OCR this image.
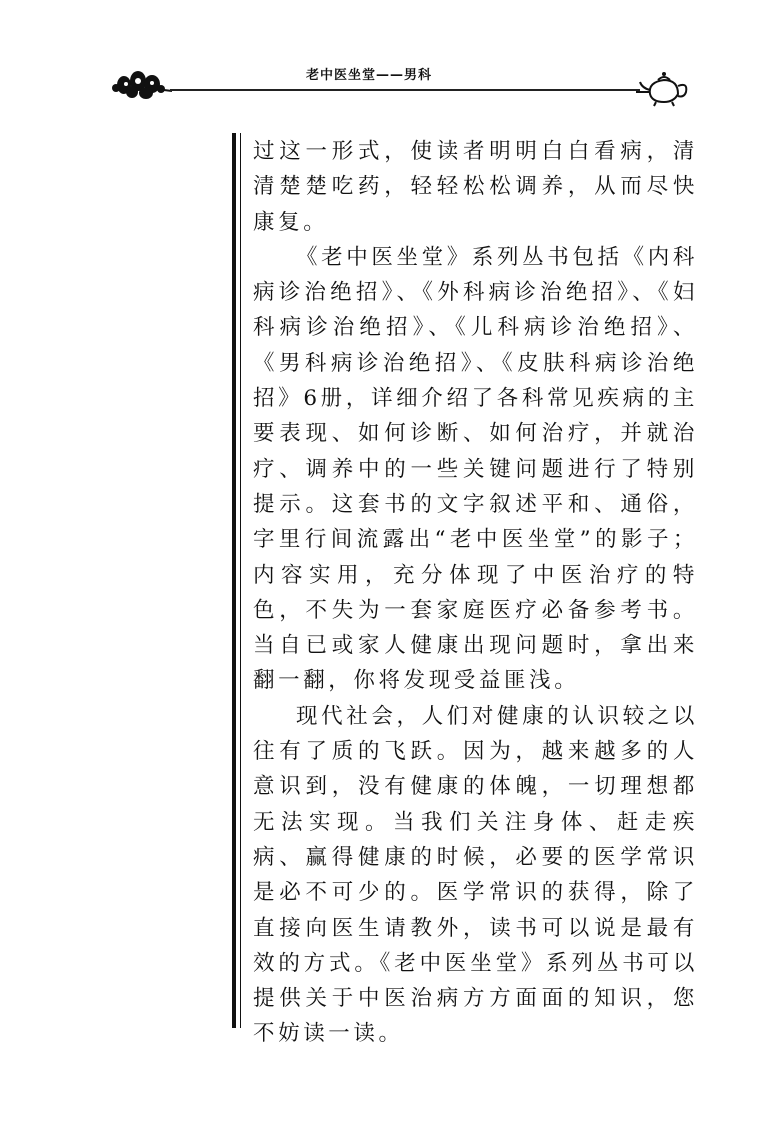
老中医坐堂——男科

过这一形式，使读者明明白白看病，清清楚楚吃药，轻轻松松调养，从而尽快康复。

《老中医坐堂》系列丛书包括《内科病诊治绝招》、《外科病诊治绝招》、《妇科病诊治绝招》、《儿科病诊治绝招》、《男科病诊治绝招》、《皮肤科病诊治绝招》6册，详细介绍了各科常见疾病的主要表现、如何诊断、如何治疗，并就治疗、调养中的一些关键问题进行了特别提示。这套书的文字叙述平和、通俗，字里行间流露出“老中医坐堂”的影子；内容实用，充分体现了中医治疗的特色，不失为一套家庭医疗必备参考书。当自已或家人健康出现问题时，拿出来翻一翻，你将发现受益匪浅。

现代社会，人们对健康的认识较之以往有了质的飞跃。因为，越来越多的人意识到，没有健康的体魄，一切理想都无法实现。当我们关注身体、赶走疾病、赢得健康的时候，必要的医学常识是必不可少的。医学常识的获得，除了直接向医生请教外，读书可以说是最有效的方式。《老中医坐堂》系列丛书可以提供关于中医治病方方面面的知识，您不妨读一读。
